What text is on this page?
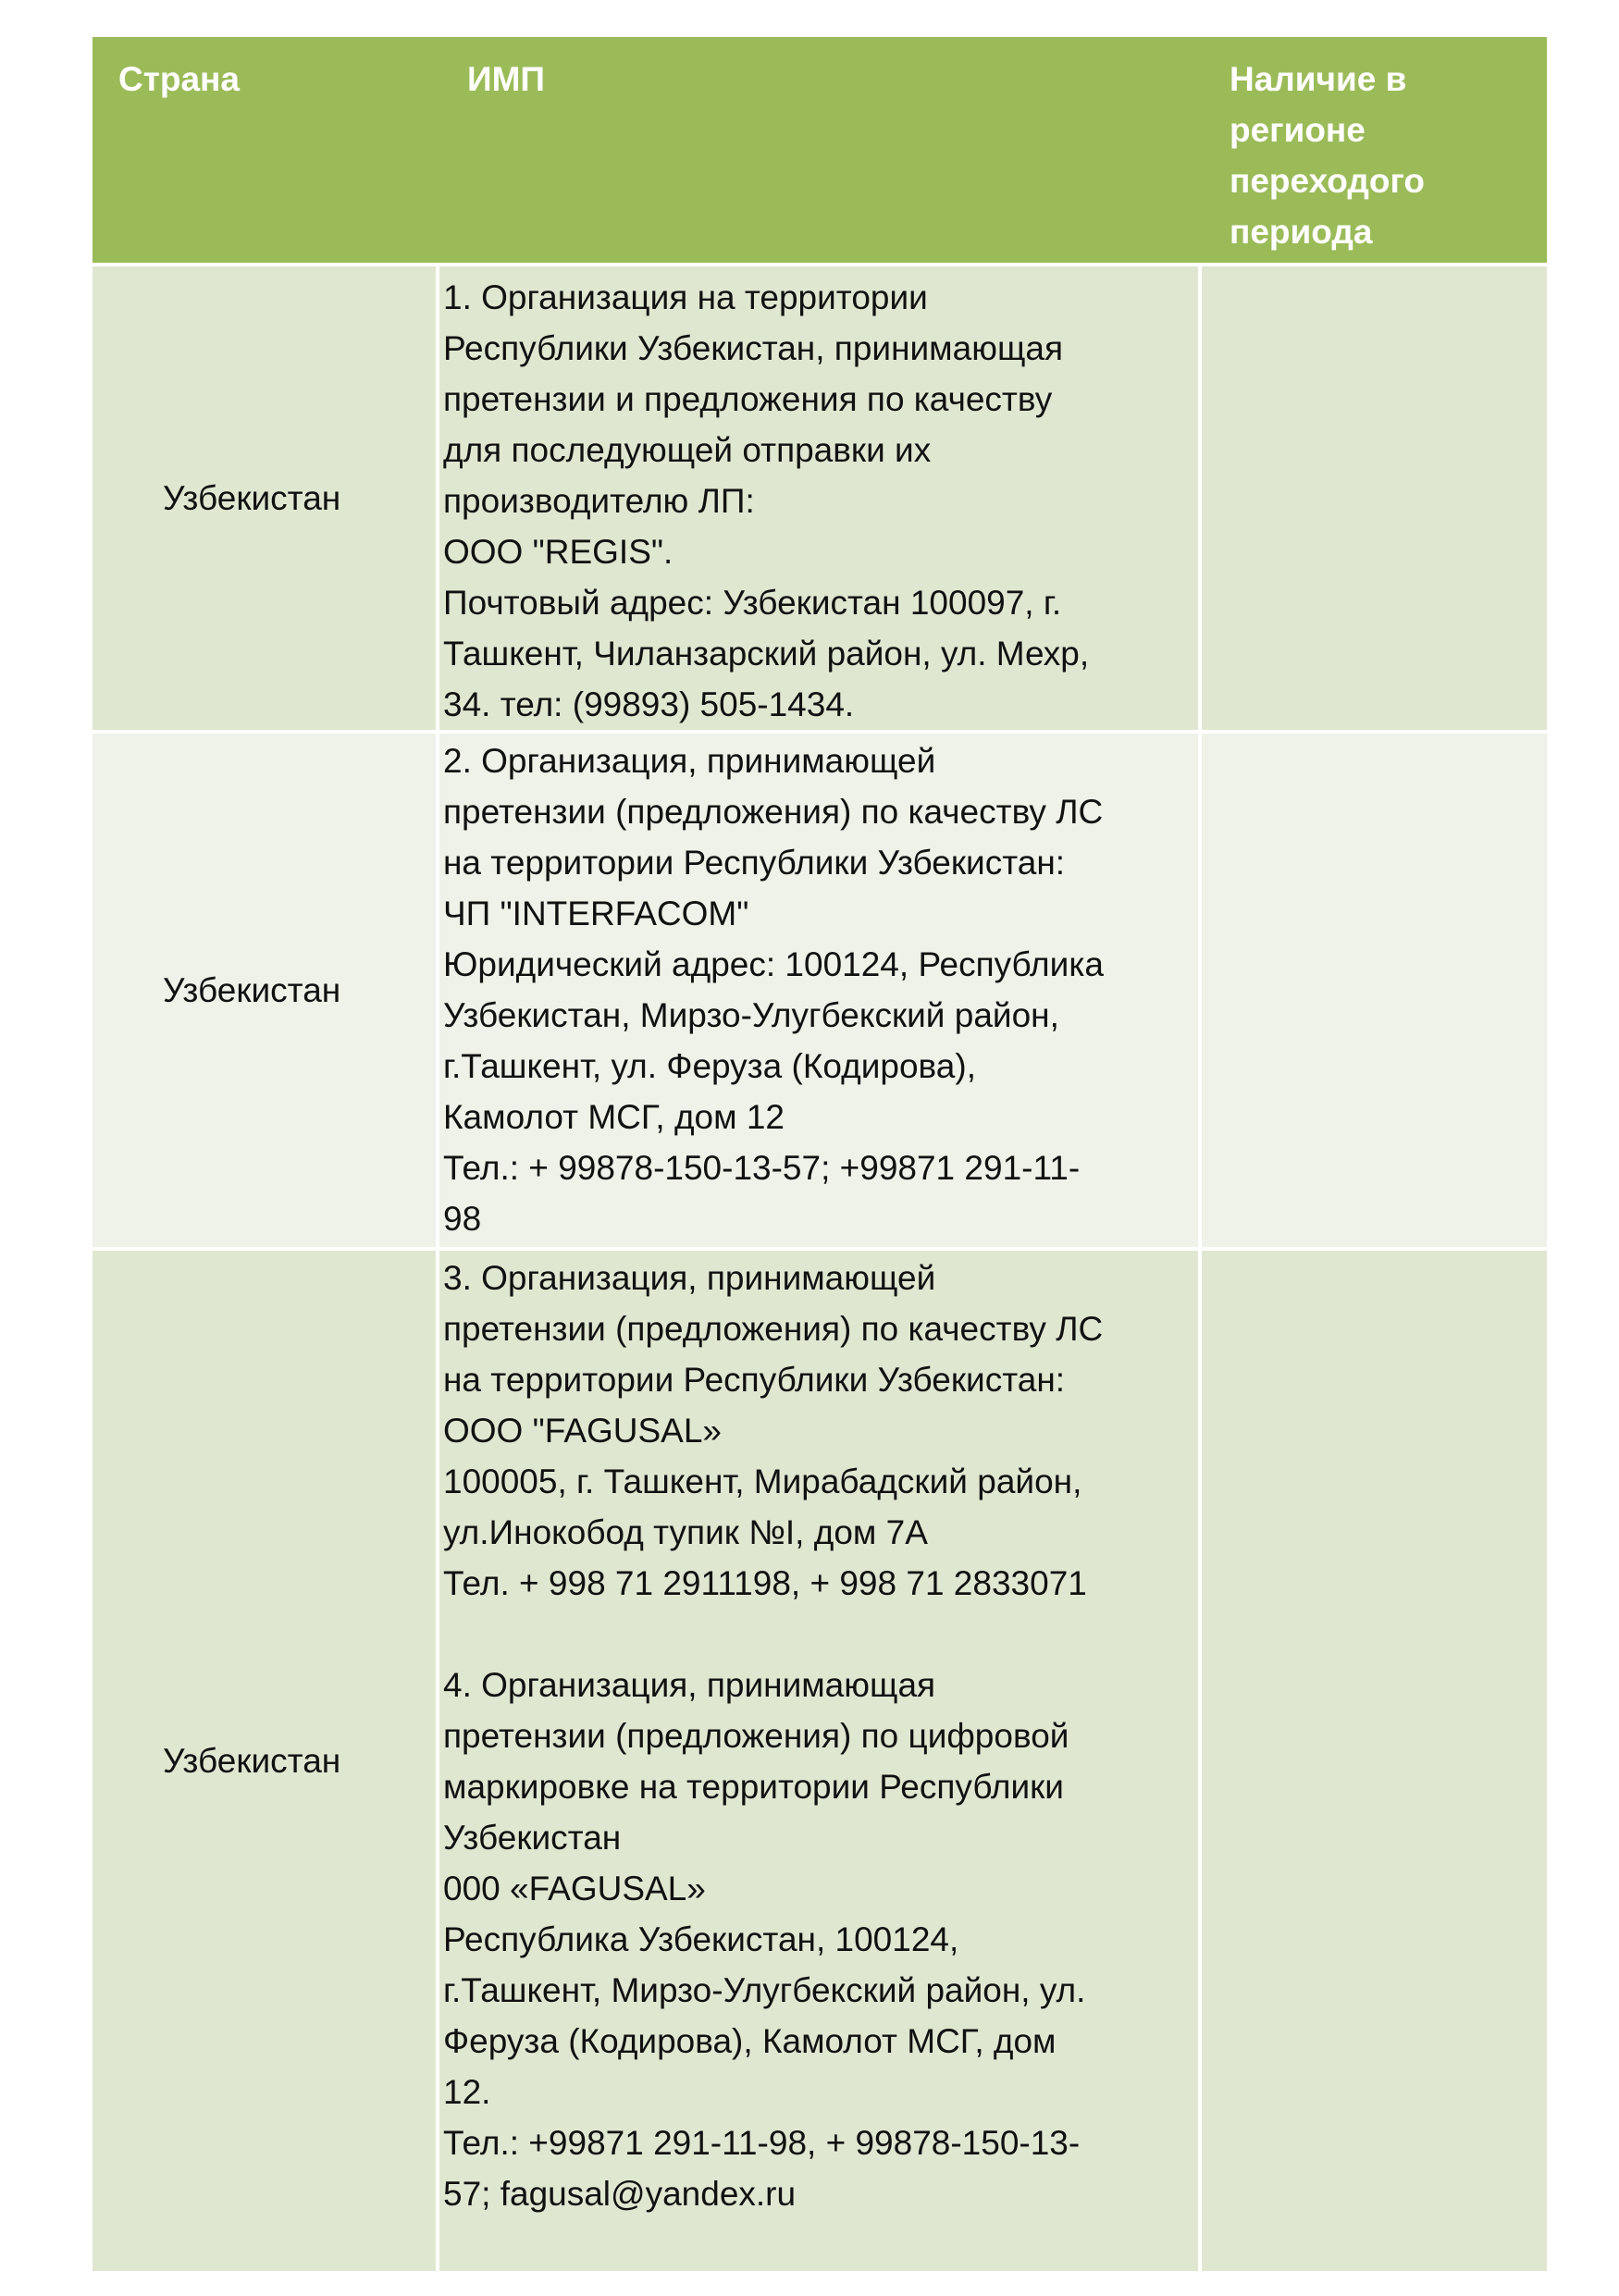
Страна	ИМП	Наличие в
регионе
переходого
периода
Узбекистан
1. Организация на территории
Республики Узбекистан, принимающая
претензии и предложения по качеству
для последующей отправки их
производителю ЛП:
ООО "REGIS".
Почтовый адрес: Узбекистан 100097, г.
Ташкент, Чиланзарский район, ул. Мехр,
34. тел: (99893) 505-1434.
Узбекистан
2. Организация, принимающей
претензии (предложения) по качеству ЛС
на территории Республики Узбекистан:
ЧП "INTERFACOM"
Юридический адрес: 100124, Республика
Узбекистан, Мирзо-Улугбекский район,
г.Ташкент, ул. Феруза (Кодирова),
Камолот МСГ, дом 12
Тел.: + 99878-150-13-57; +99871 291-11-
98
Узбекистан
3. Организация, принимающей
претензии (предложения) по качеству ЛС
на территории Республики Узбекистан:
ООО "FAGUSAL»
100005, г. Ташкент, Мирабадский район,
ул.Инокобод тупик №I, дом 7А
Тел. + 998 71 2911198, + 998 71 2833071

4. Организация, принимающая
претензии (предложения) по цифровой
маркировке на территории Республики
Узбекистан
000 «FAGUSAL»
Республика Узбекистан, 100124,
г.Ташкент, Мирзо-Улугбекский район, ул.
Феруза (Кодирова), Камолот МСГ, дом
12.
Тел.: +99871 291-11-98, + 99878-150-13-
57; fagusal@yandex.ru
